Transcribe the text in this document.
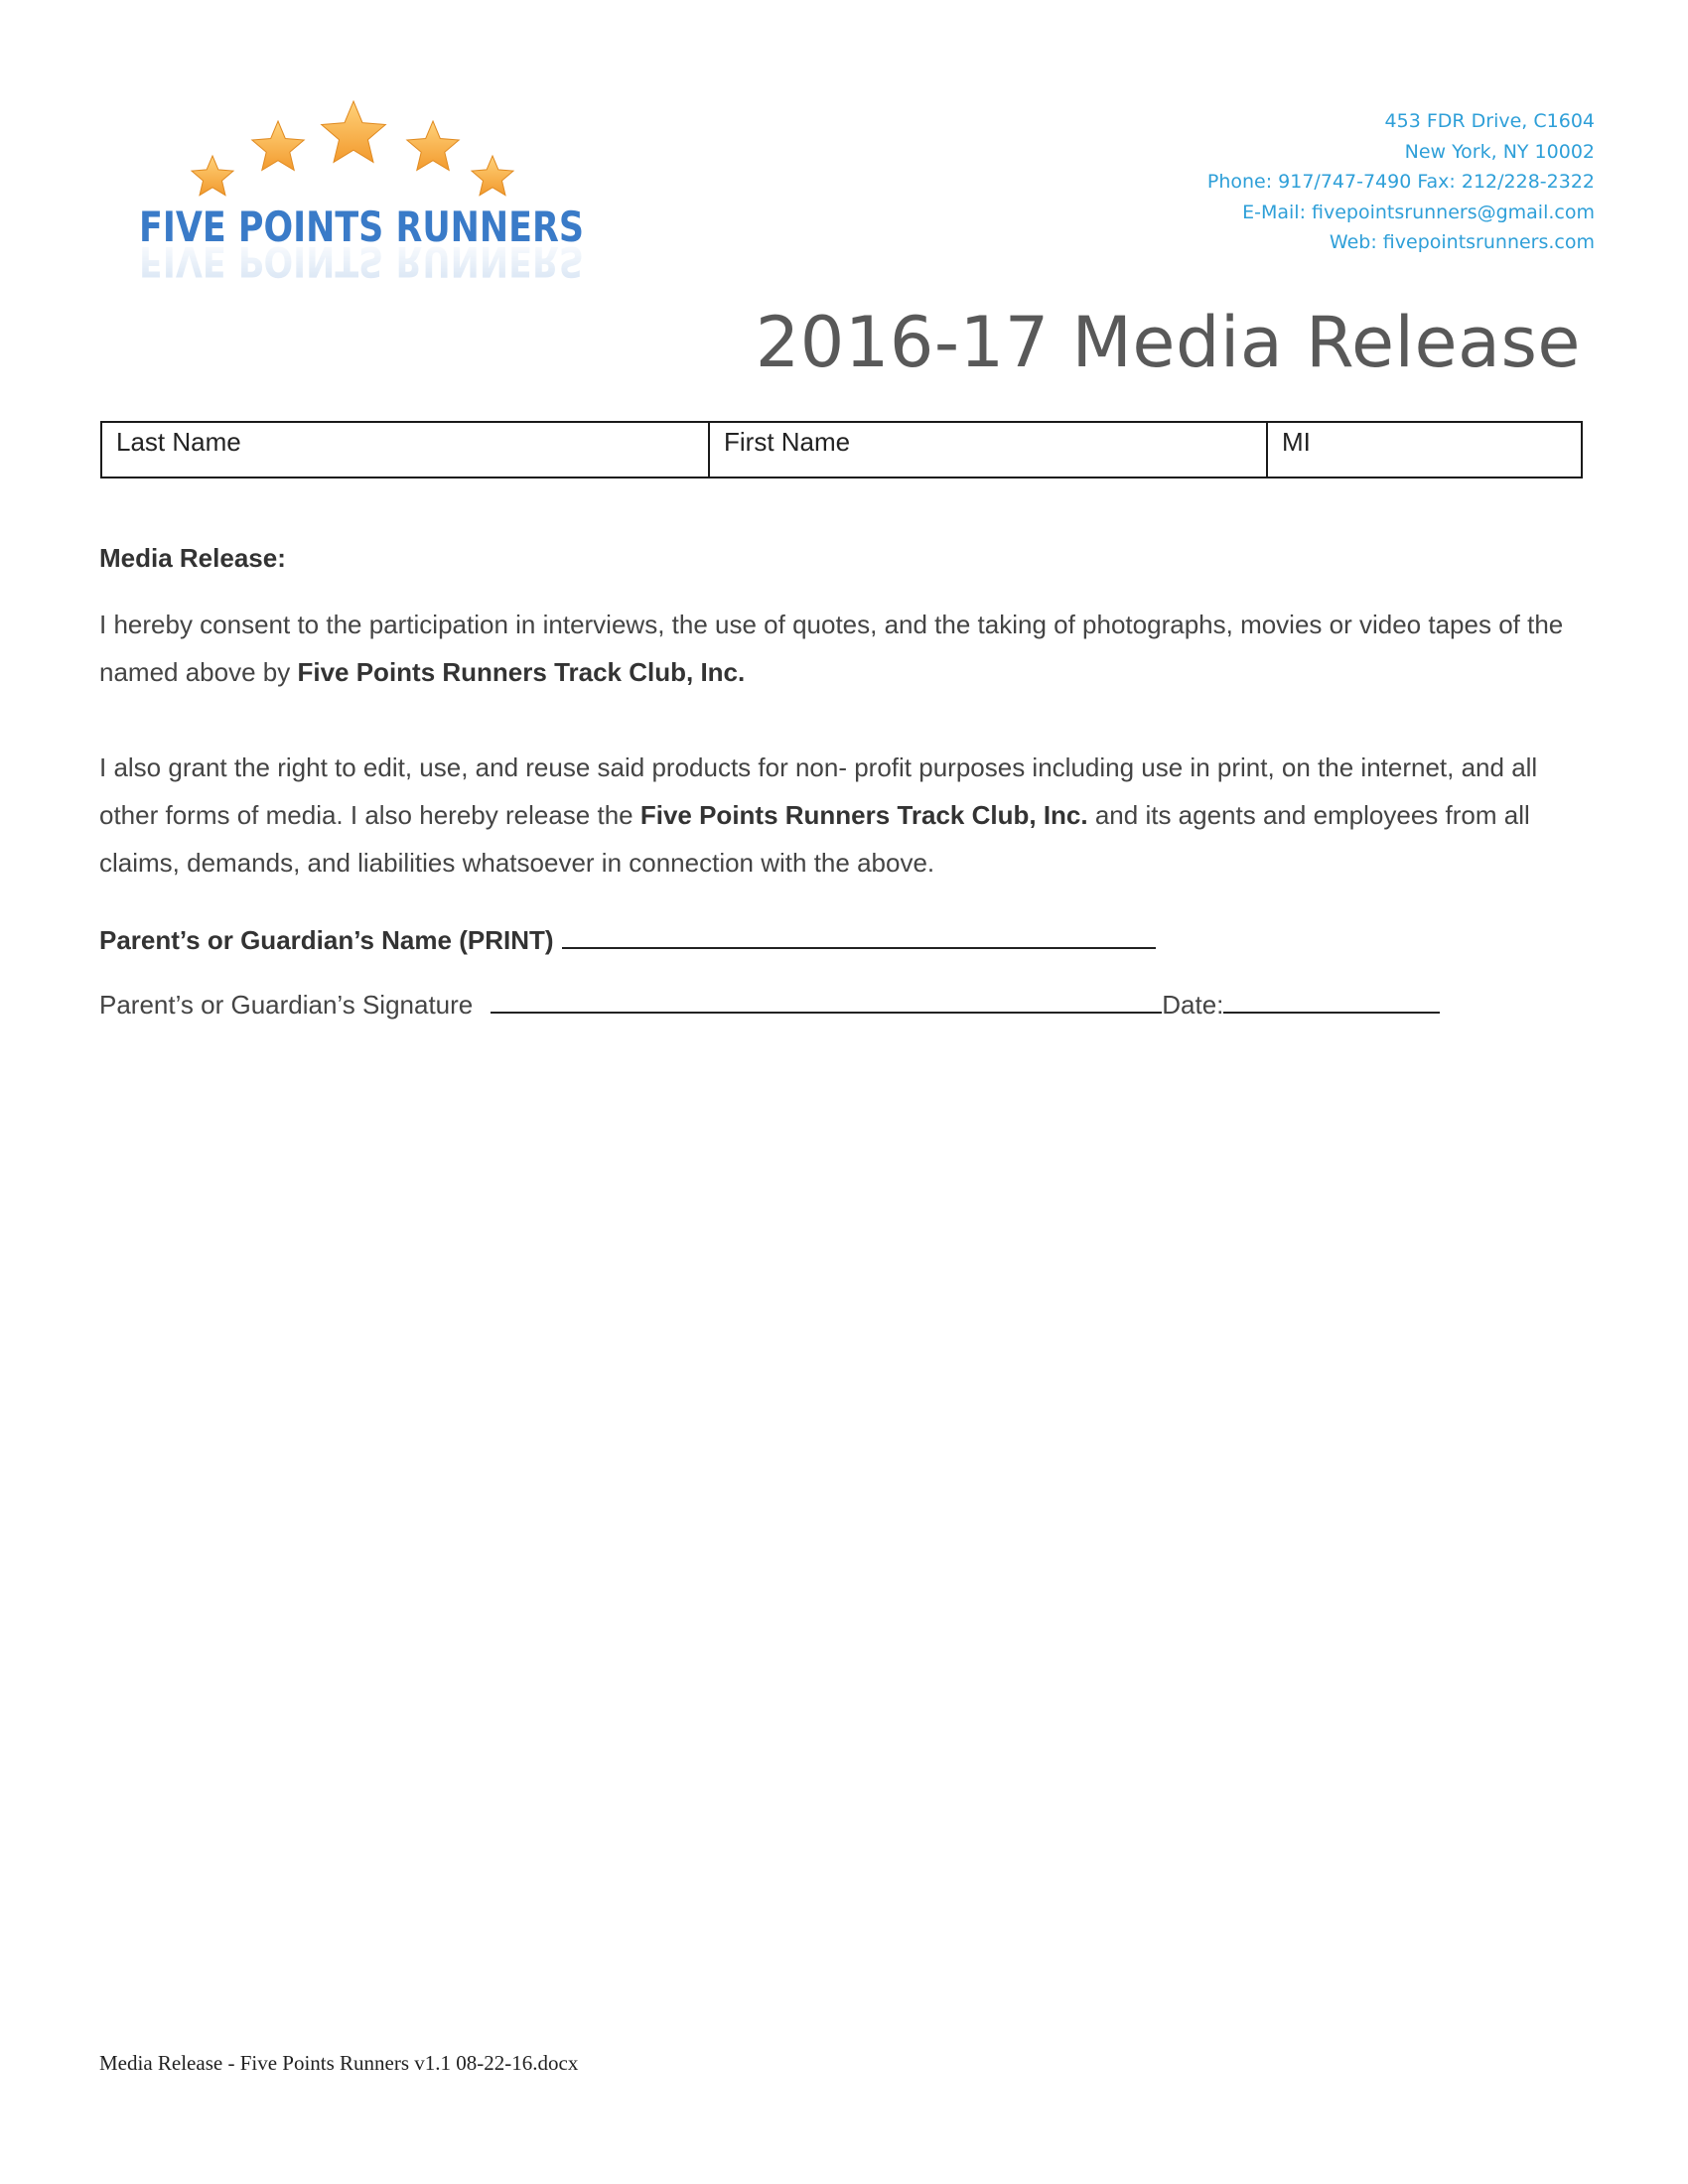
FIVE POINTS RUNNERS
FIVE POINTS RUNNERS
453 FDR Drive, C1604
New York, NY 10002
Phone: 917/747-7490 Fax: 212/228-2322
E-Mail: fivepointsrunners@gmail.com
Web: fivepointsrunners.com
2016-17 Media Release
Last Name	First Name	MI
Media Release:

I hereby consent to the participation in interviews, the use of quotes, and the taking of photographs, movies or video tapes of the named above by Five Points Runners Track Club, Inc.

I also grant the right to edit, use, and reuse said products for non- profit purposes including use in print, on the internet, and all other forms of media. I also hereby release the Five Points Runners Track Club, Inc. and its agents and employees from all claims, demands, and liabilities whatsoever in connection with the above.

Parent’s or Guardian’s Name (PRINT)
Parent’s or Guardian’s Signature	Date:
Media Release - Five Points Runners v1.1 08-22-16.docx
